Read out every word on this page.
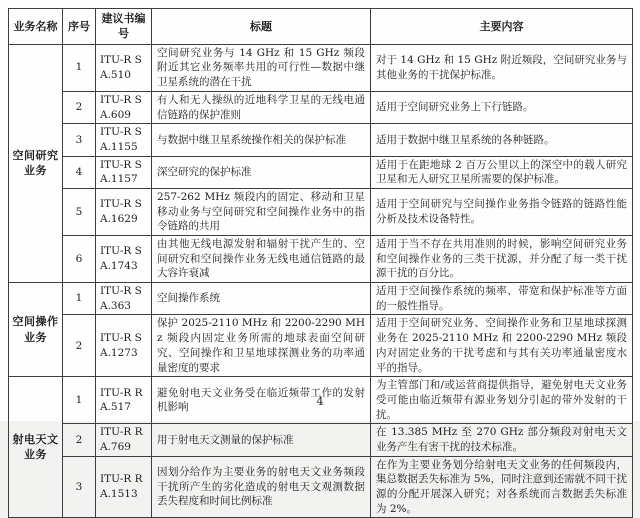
业务名称	序号	建议书编号	标题	主要内容
空间研究业务	1	ITU-R SA.510	空间研究业务与 14 GHz 和 15 GHz 频段附近其它业务频率共用的可行性—数据中继卫星系统的潜在干扰	对于 14 GHz 和 15 GHz 附近频段，空间研究业务与其他业务的干扰保护标准。
	2	ITU-R SA.609	有人和无人操纵的近地科学卫星的无线电通信链路的保护准则	适用于空间研究业务上下行链路。
	3	ITU-R SA.1155	与数据中继卫星系统操作相关的保护标准	适用于数据中继卫星系统的各种链路。
	4	ITU-R SA.1157	深空研究的保护标准	适用于在距地球 2 百万公里以上的深空中的载人研究卫星和无人研究卫星所需要的保护标准。
	5	ITU-R SA.1629	257-262 MHz 频段内的固定、移动和卫星移动业务与空间研究和空间操作业务中的指令链路的共用	适用于空间研究与空间操作业务指令链路的链路性能分析及技术设备特性。
	6	ITU-R SA.1743	由其他无线电源发射和辐射干扰产生的、空间研究和空间操作业务无线电通信链路的最大容许衰减	适用于当不存在共用准则的时候，影响空间研究业务和空间操作业务的三类干扰源，并分配了每一类干扰源干扰的百分比。
空间操作业务	1	ITU-R SA.363	空间操作系统	适用于空间操作系统的频率、带宽和保护标准等方面的一般性指导。
	2	ITU-R SA.1273	保护 2025-2110 MHz 和 2200-2290 MHz 频段内固定业务所需的地球表面空间研究、空间操作和卫星地球探测业务的功率通量密度的要求	适用于空间研究业务、空间操作业务和卫星地球探测业务在 2025-2110 MHz 和 2200-2290 MHz 频段内对固定业务的干扰考虑和与其有关功率通量密度水平的指导。
射电天文业务	1	ITU-R RA.517	避免射电天文业务受在临近频带工作的发射机影响	为主管部门和/或运营商提供指导，避免射电天文业务受可能由临近频带有源业务划分引起的带外发射的干扰。
	2	ITU-R RA.769	用于射电天文测量的保护标准	在 13.385 MHz 至 270 GHz 部分频段对射电天文业务产生有害干扰的技术标准。
	3	ITU-R RA.1513	因划分给作为主要业务的射电天文业务频段干扰所产生的劣化造成的射电天文观测数据丢失程度和时间比例标准	在作为主要业务划分给射电天文业务的任何频段内，集总数据丢失标准为 5%，同时注意到还需就不同干扰源的分配开展深入研究；对各系统而言数据丢失标准为 2%。
4
